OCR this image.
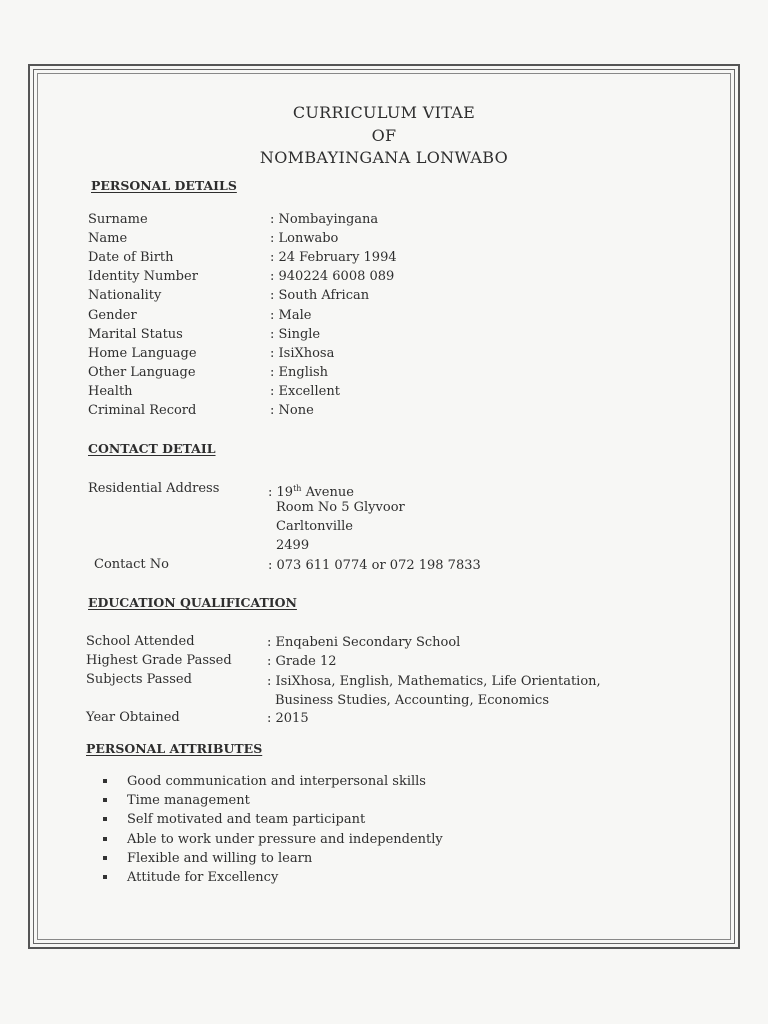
CURRICULUM VITAE
OF
NOMBAYINGANA LONWABO
PERSONAL DETAILS
Surname	: Nombayingana
Name	: Lonwabo
Date of Birth	: 24 February 1994
Identity Number	: 940224 6008 089
Nationality	: South African
Gender	: Male
Marital Status	: Single
Home Language	: IsiXhosa
Other Language	: English
Health	: Excellent
Criminal Record	: None
CONTACT DETAIL
Residential Address	: 19th Avenue
Room No 5 Glyvoor
Carltonville
2499
Contact No	: 073 611 0774 or 072 198 7833
EDUCATION QUALIFICATION
School Attended	: Enqabeni Secondary School
Highest Grade Passed	: Grade 12
Subjects Passed	: IsiXhosa, English, Mathematics, Life Orientation,
Business Studies, Accounting, Economics
Year Obtained	: 2015
PERSONAL ATTRIBUTES
Good communication and interpersonal skills
Time management
Self motivated and team participant
Able to work under pressure and independently
Flexible and willing to learn
Attitude for Excellency
